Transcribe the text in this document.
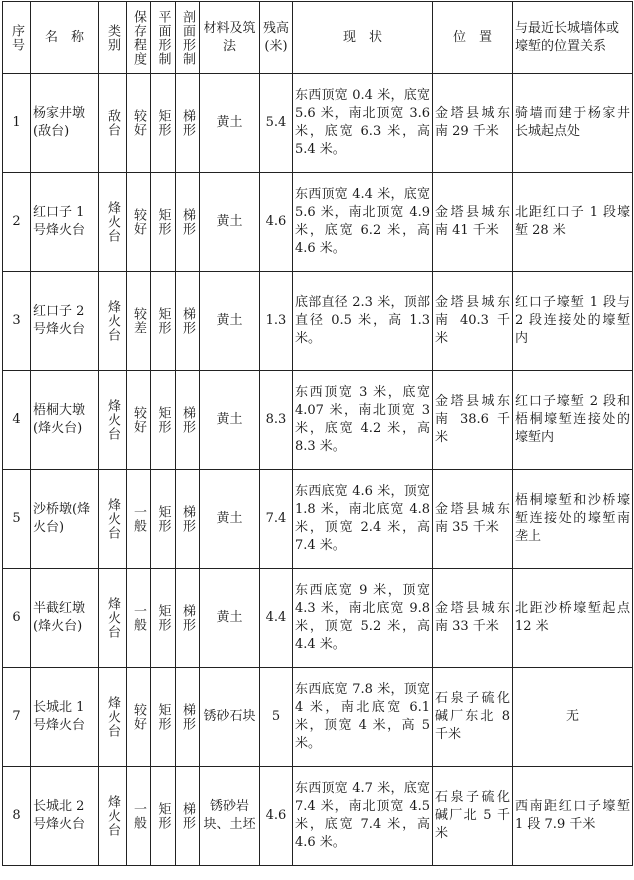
序号	名　称	类别	保存程度	平面形制	剖面形制	材料及筑法	残高(米)	现　状	位　置	与最近长城墙体或壕堑的位置关系
1	杨家井墩(敌台)	敌台	较好	矩形	梯形	黄土	5.4	东西顶宽 0.4 米，底宽 5.6 米，南北顶宽 3.6 米，底宽 6.3 米，高 5.4 米。	金塔县城东南 29 千米	骑墙而建于杨家井长城起点处
2	红口子 1 号烽火台	烽火台	较好	矩形	梯形	黄土	4.6	东西顶宽 4.4 米，底宽 5.6 米，南北顶宽 4.9 米，底宽 6.2 米，高 4.6 米。	金塔县城东南 41 千米	北距红口子 1 段壕堑 28 米
3	红口子 2 号烽火台	烽火台	较差	矩形	梯形	黄土	1.3	底部直径 2.3 米，顶部直径 0.5 米，高 1.3 米。	金塔县城东南 40.3 千米	红口子壕堑 1 段与 2 段连接处的壕堑内
4	梧桐大墩(烽火台)	烽火台	较好	矩形	梯形	黄土	8.3	东西顶宽 3 米，底宽 4.07 米，南北顶宽 3 米，底宽 4.2 米，高 8.3 米。	金塔县城东南 38.6 千米	红口子壕堑 2 段和梧桐壕堑连接处的壕堑内
5	沙桥墩(烽火台)	烽火台	一般	矩形	梯形	黄土	7.4	东西底宽 4.6 米，顶宽 1.8 米，南北底宽 4.8 米，顶宽 2.4 米，高 7.4 米。	金塔县城东南 35 千米	梧桐壕堑和沙桥壕堑连接处的壕堑南垄上
6	半截红墩(烽火台)	烽火台	一般	矩形	梯形	黄土	4.4	东西底宽 9 米，顶宽 4.3 米，南北底宽 9.8 米，顶宽 5.2 米，高 4.4 米。	金塔县城东南 33 千米	北距沙桥壕堑起点 12 米
7	长城北 1 号烽火台	烽火台	较好	矩形	梯形	锈砂石块	5	东西底宽 7.8 米，顶宽 4 米，南北底宽 6.1 米，顶宽 4 米，高 5 米。	石泉子硫化碱厂东北 8 千米	无
8	长城北 2 号烽火台	烽火台	一般	矩形	梯形	锈砂岩块、土坯	4.6	东西顶宽 4.7 米，底宽 7.4 米，南北顶宽 4.5 米，底宽 7.4 米，高 4.6 米。	石泉子硫化碱厂北 5 千米	西南距红口子壕堑 1 段 7.9 千米
